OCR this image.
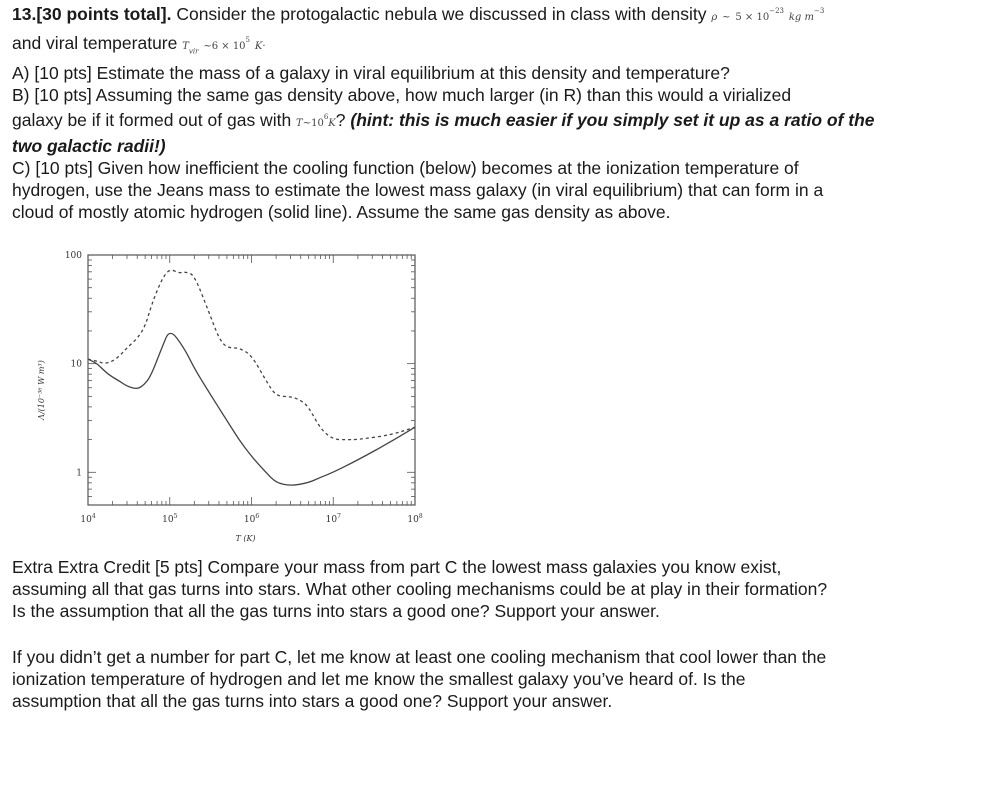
13.[30 points total]. Consider the protogalactic nebula we discussed in class with density ρ ~ $5 \times 10^{-23}$ kg $m^{-3}$
and viral temperature $T_{vir}$ ~6 × $10^5$ K·
A) [10 pts] Estimate the mass of a galaxy in viral equilibrium at this density and temperature?
B) [10 pts] Assuming the same gas density above, how much larger (in R) than this would a virialized
galaxy be if it formed out of gas with $T\sim 10^6K$? (hint: this is much easier if you simply set it up as a ratio of the
two galactic radii!)
C) [10 pts] Given how inefficient the cooling function (below) becomes at the ionization temperature of
hydrogen, use the Jeans mass to estimate the lowest mass galaxy (in viral equilibrium) that can form in a
cloud of mostly atomic hydrogen (solid line). Assume the same gas density as above.
100
10
1
$10^4$	$10^5$	$10^6$	$10^7$	$10^8$
T (K)
Λ/(10⁻³⁶ W m³)
Extra Extra Credit [5 pts] Compare your mass from part C the lowest mass galaxies you know exist,
assuming all that gas turns into stars. What other cooling mechanisms could be at play in their formation?
Is the assumption that all the gas turns into stars a good one? Support your answer.
If you didn’t get a number for part C, let me know at least one cooling mechanism that cool lower than the
ionization temperature of hydrogen and let me know the smallest galaxy you’ve heard of. Is the
assumption that all the gas turns into stars a good one? Support your answer.
